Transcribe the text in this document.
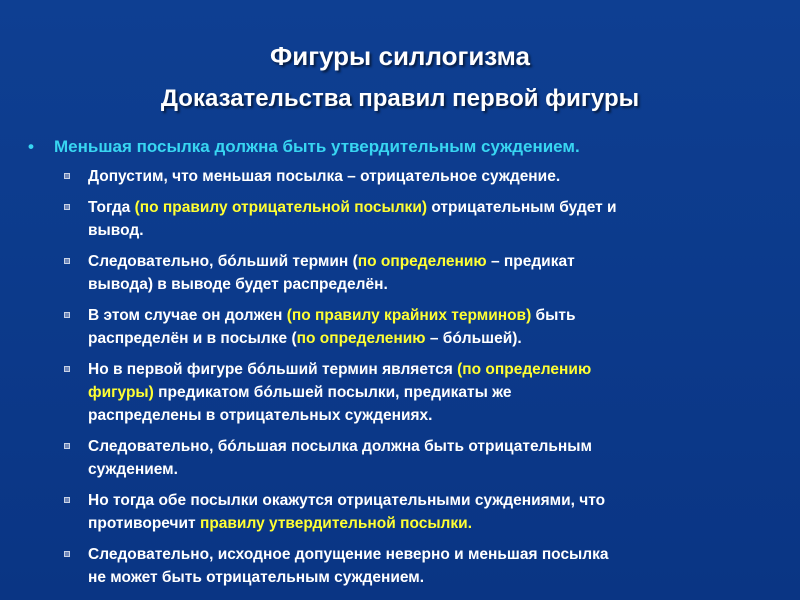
Фигуры силлогизма
Доказательства правил первой фигуры
• Меньшая посылка должна быть утвердительным суждением.
Допустим, что меньшая посылка – отрицательное суждение.
Тогда (по правилу отрицательной посылки) отрицательным будет и
вывод.
Следовательно, бóльший термин (по определению – предикат
вывода) в выводе будет распределён.
В этом случае он должен (по правилу крайних терминов) быть
распределён и в посылке (по определению – бóльшей).
Но в первой фигуре бóльший термин является (по определению
фигуры) предикатом бóльшей посылки, предикаты же
распределены в отрицательных суждениях.
Следовательно, бóльшая посылка должна быть отрицательным
суждением.
Но тогда обе посылки окажутся отрицательными суждениями, что
противоречит правилу утвердительной посылки.
Следовательно, исходное допущение неверно и меньшая посылка
не может быть отрицательным суждением.
